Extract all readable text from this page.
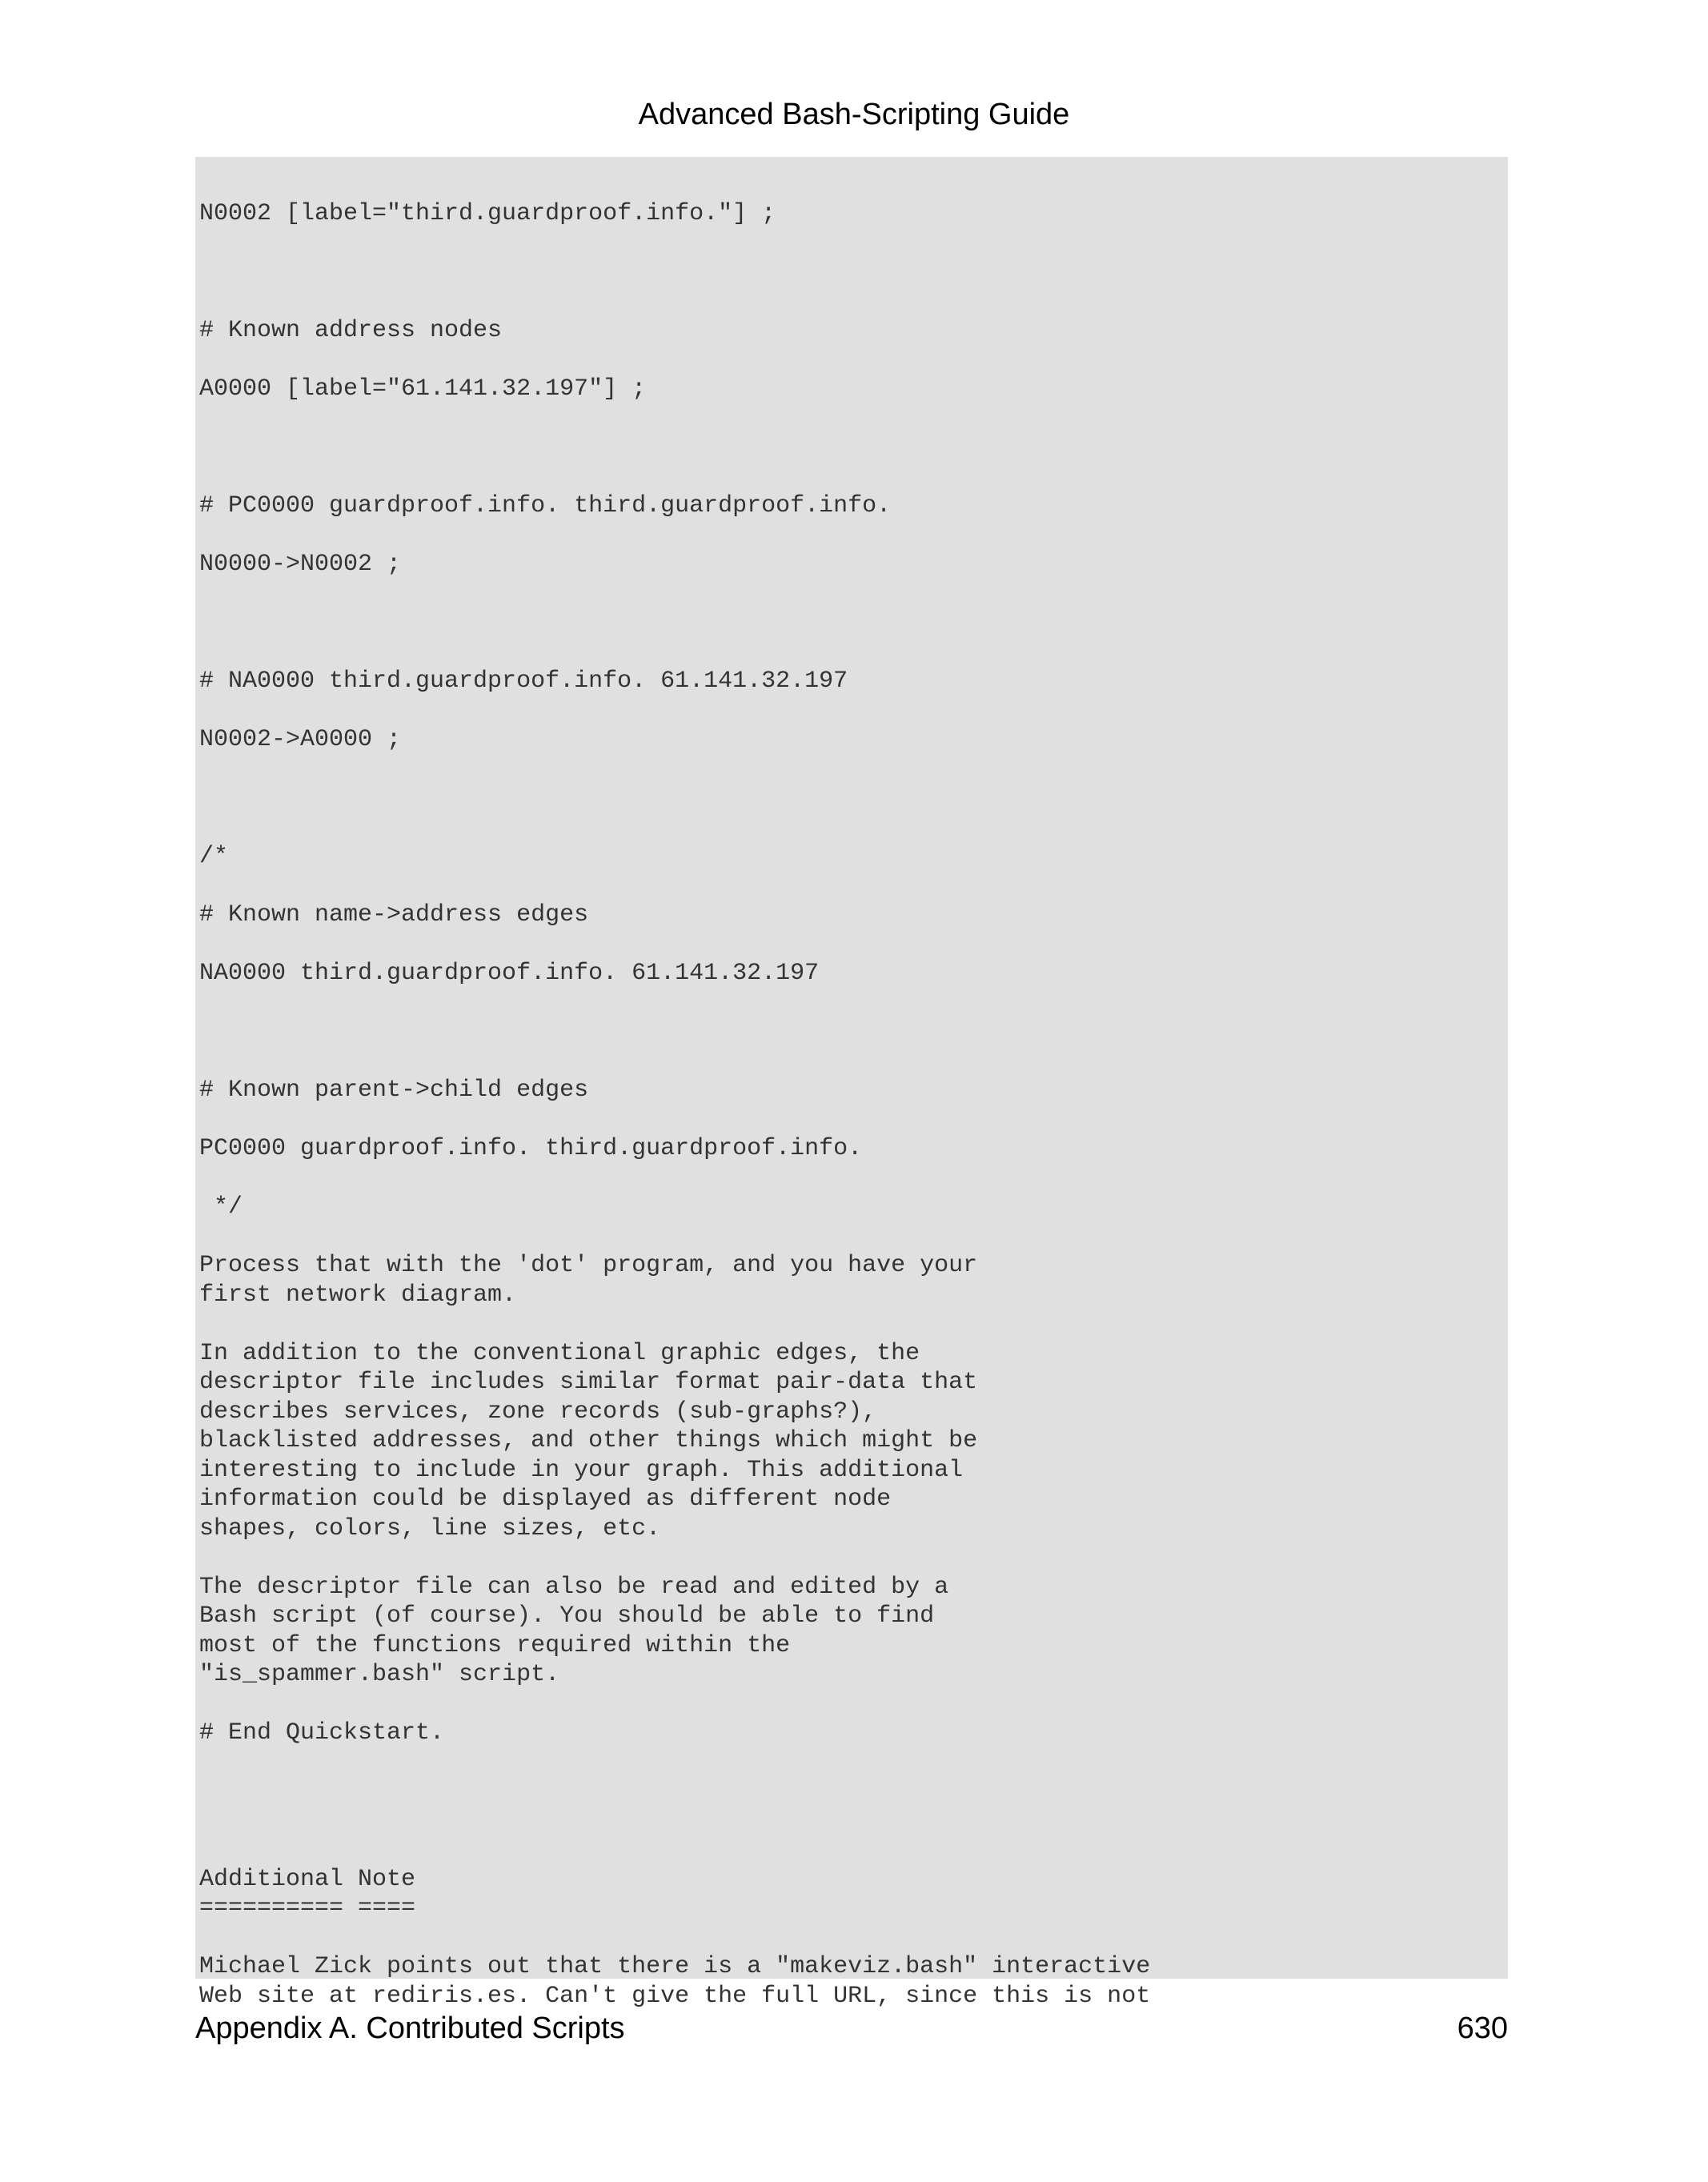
Advanced Bash-Scripting Guide
N0002 [label="third.guardproof.info."] ;
# Known address nodes
A0000 [label="61.141.32.197"] ;
# PC0000 guardproof.info. third.guardproof.info.
N0000->N0002 ;
# NA0000 third.guardproof.info. 61.141.32.197
N0002->A0000 ;
/*
# Known name->address edges
NA0000 third.guardproof.info. 61.141.32.197
# Known parent->child edges
PC0000 guardproof.info. third.guardproof.info.
*/
Process that with the 'dot' program, and you have your
first network diagram.
In addition to the conventional graphic edges, the
descriptor file includes similar format pair-data that
describes services, zone records (sub-graphs?),
blacklisted addresses, and other things which might be
interesting to include in your graph. This additional
information could be displayed as different node
shapes, colors, line sizes, etc.
The descriptor file can also be read and edited by a
Bash script (of course). You should be able to find
most of the functions required within the
"is_spammer.bash" script.
# End Quickstart.
Additional Note
========== ====
Michael Zick points out that there is a "makeviz.bash" interactive
Web site at rediris.es. Can't give the full URL, since this is not
Appendix A. Contributed Scripts	630
